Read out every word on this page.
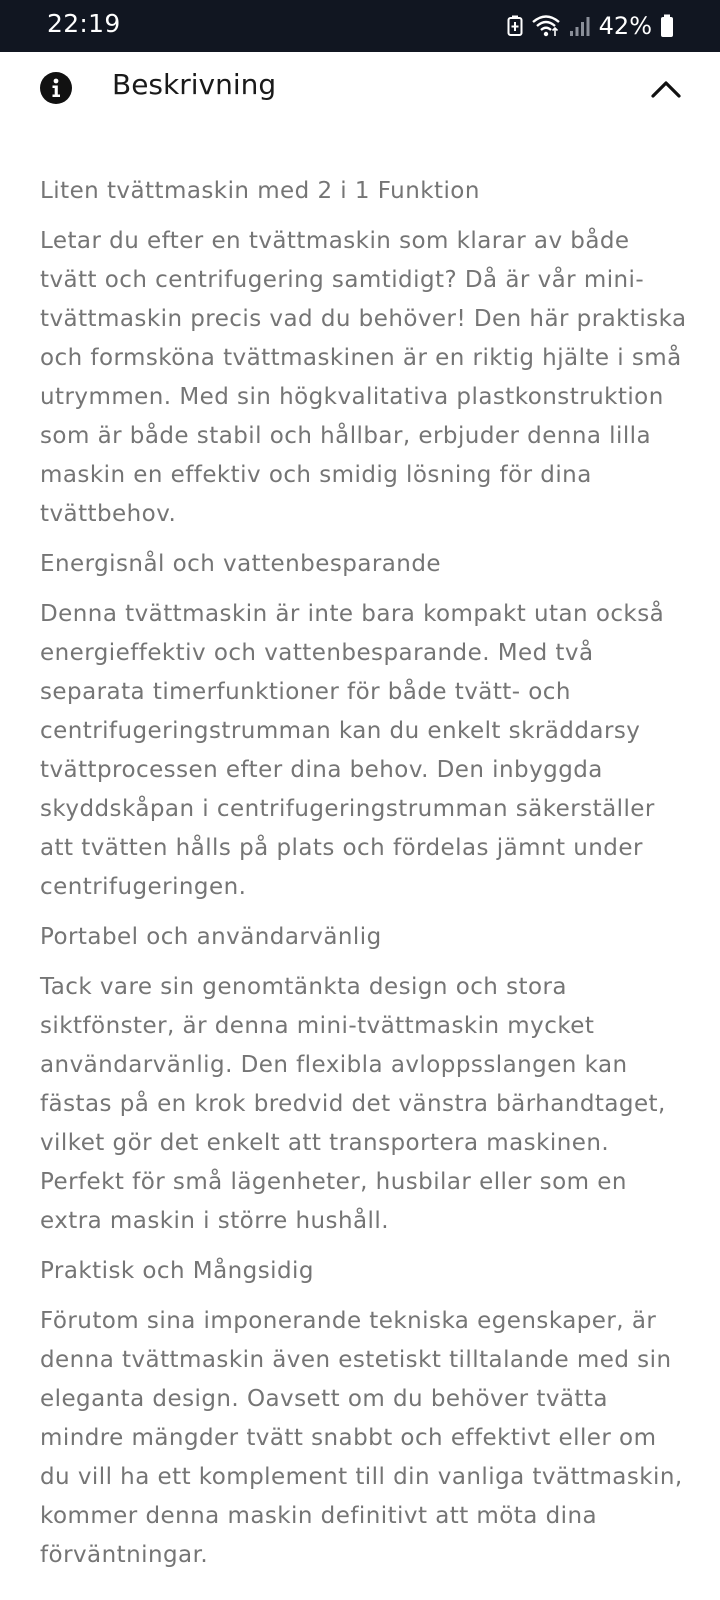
22:19	42%
Beskrivning
Liten tvättmaskin med 2 i 1 Funktion
Letar du efter en tvättmaskin som klarar av både tvätt och centrifugering samtidigt? Då är vår mini-tvättmaskin precis vad du behöver! Den här praktiska och formsköna tvättmaskinen är en riktig hjälte i små utrymmen. Med sin högkvalitativa plastkonstruktion som är både stabil och hållbar, erbjuder denna lilla maskin en effektiv och smidig lösning för dina tvättbehov.
Energisnål och vattenbesparande
Denna tvättmaskin är inte bara kompakt utan också energieffektiv och vattenbesparande. Med två separata timerfunktioner för både tvätt- och centrifugeringstrumman kan du enkelt skräddarsy tvättprocessen efter dina behov. Den inbyggda skyddskåpan i centrifugeringstrumman säkerställer att tvätten hålls på plats och fördelas jämnt under centrifugeringen.
Portabel och användarvänlig
Tack vare sin genomtänkta design och stora siktfönster, är denna mini-tvättmaskin mycket användarvänlig. Den flexibla avloppsslangen kan fästas på en krok bredvid det vänstra bärhandtaget, vilket gör det enkelt att transportera maskinen. Perfekt för små lägenheter, husbilar eller som en extra maskin i större hushåll.
Praktisk och Mångsidig
Förutom sina imponerande tekniska egenskaper, är denna tvättmaskin även estetiskt tilltalande med sin eleganta design. Oavsett om du behöver tvätta mindre mängder tvätt snabbt och effektivt eller om du vill ha ett komplement till din vanliga tvättmaskin, kommer denna maskin definitivt att möta dina förväntningar.
